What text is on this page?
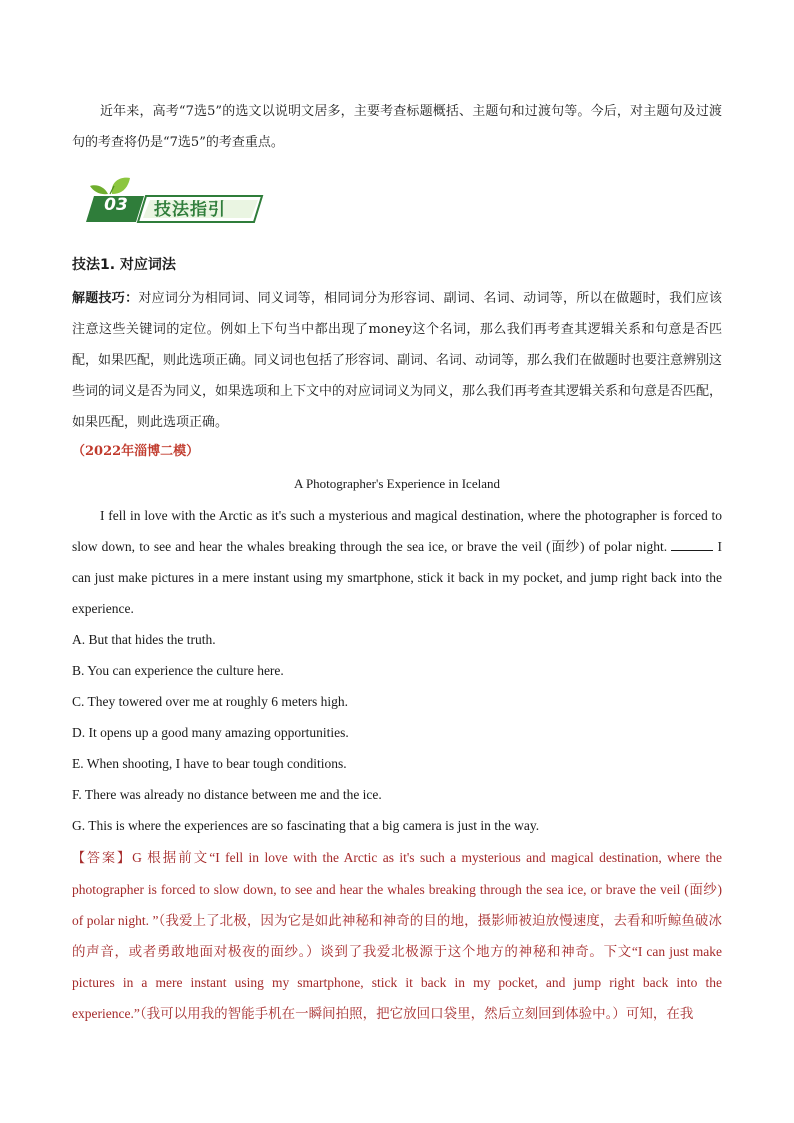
近年来，高考“7选5”的选文以说明文居多，主要考查标题概括、主题句和过渡句等。今后，对主题句及过渡句的考查将仍是“7选5”的考查重点。
03	技法指引
技法1. 对应词法
解题技巧：对应词分为相同词、同义词等，相同词分为形容词、副词、名词、动词等，所以在做题时，我们应该注意这些关键词的定位。例如上下句当中都出现了money这个名词，那么我们再考查其逻辑关系和句意是否匹配，如果匹配，则此选项正确。同义词也包括了形容词、副词、名词、动词等，那么我们在做题时也要注意辨别这些词的词义是否为同义，如果选项和上下文中的对应词词义为同义，那么我们再考查其逻辑关系和句意是否匹配，如果匹配，则此选项正确。
（2022年淄博二模）
A Photographer's Experience in Iceland
I fell in love with the Arctic as it's such a mysterious and magical destination, where the photographer is forced to slow down, to see and hear the whales breaking through the sea ice, or brave the veil (面纱) of polar night.	I can just make pictures in a mere instant using my smartphone, stick it back in my pocket, and jump right back into the experience.
A. But that hides the truth.
B. You can experience the culture here.
C. They towered over me at roughly 6 meters high.
D. It opens up a good many amazing opportunities.
E. When shooting, I have to bear tough conditions.
F. There was already no distance between me and the ice.
G. This is where the experiences are so fascinating that a big camera is just in the way.
【答案】G 根据前文“I fell in love with the Arctic as it's such a mysterious and magical destination, where the photographer is forced to slow down, to see and hear the whales breaking through the sea ice, or brave the veil (面纱) of polar night. ”（我爱上了北极，因为它是如此神秘和神奇的目的地，摄影师被迫放慢速度，去看和听鲸鱼破冰的声音，或者勇敢地面对极夜的面纱。）谈到了我爱北极源于这个地方的神秘和神奇。下文“I can just make pictures in a mere instant using my smartphone, stick it back in my pocket, and jump right back into the experience.”（我可以用我的智能手机在一瞬间拍照，把它放回口袋里，然后立刻回到体验中。）可知，在我
